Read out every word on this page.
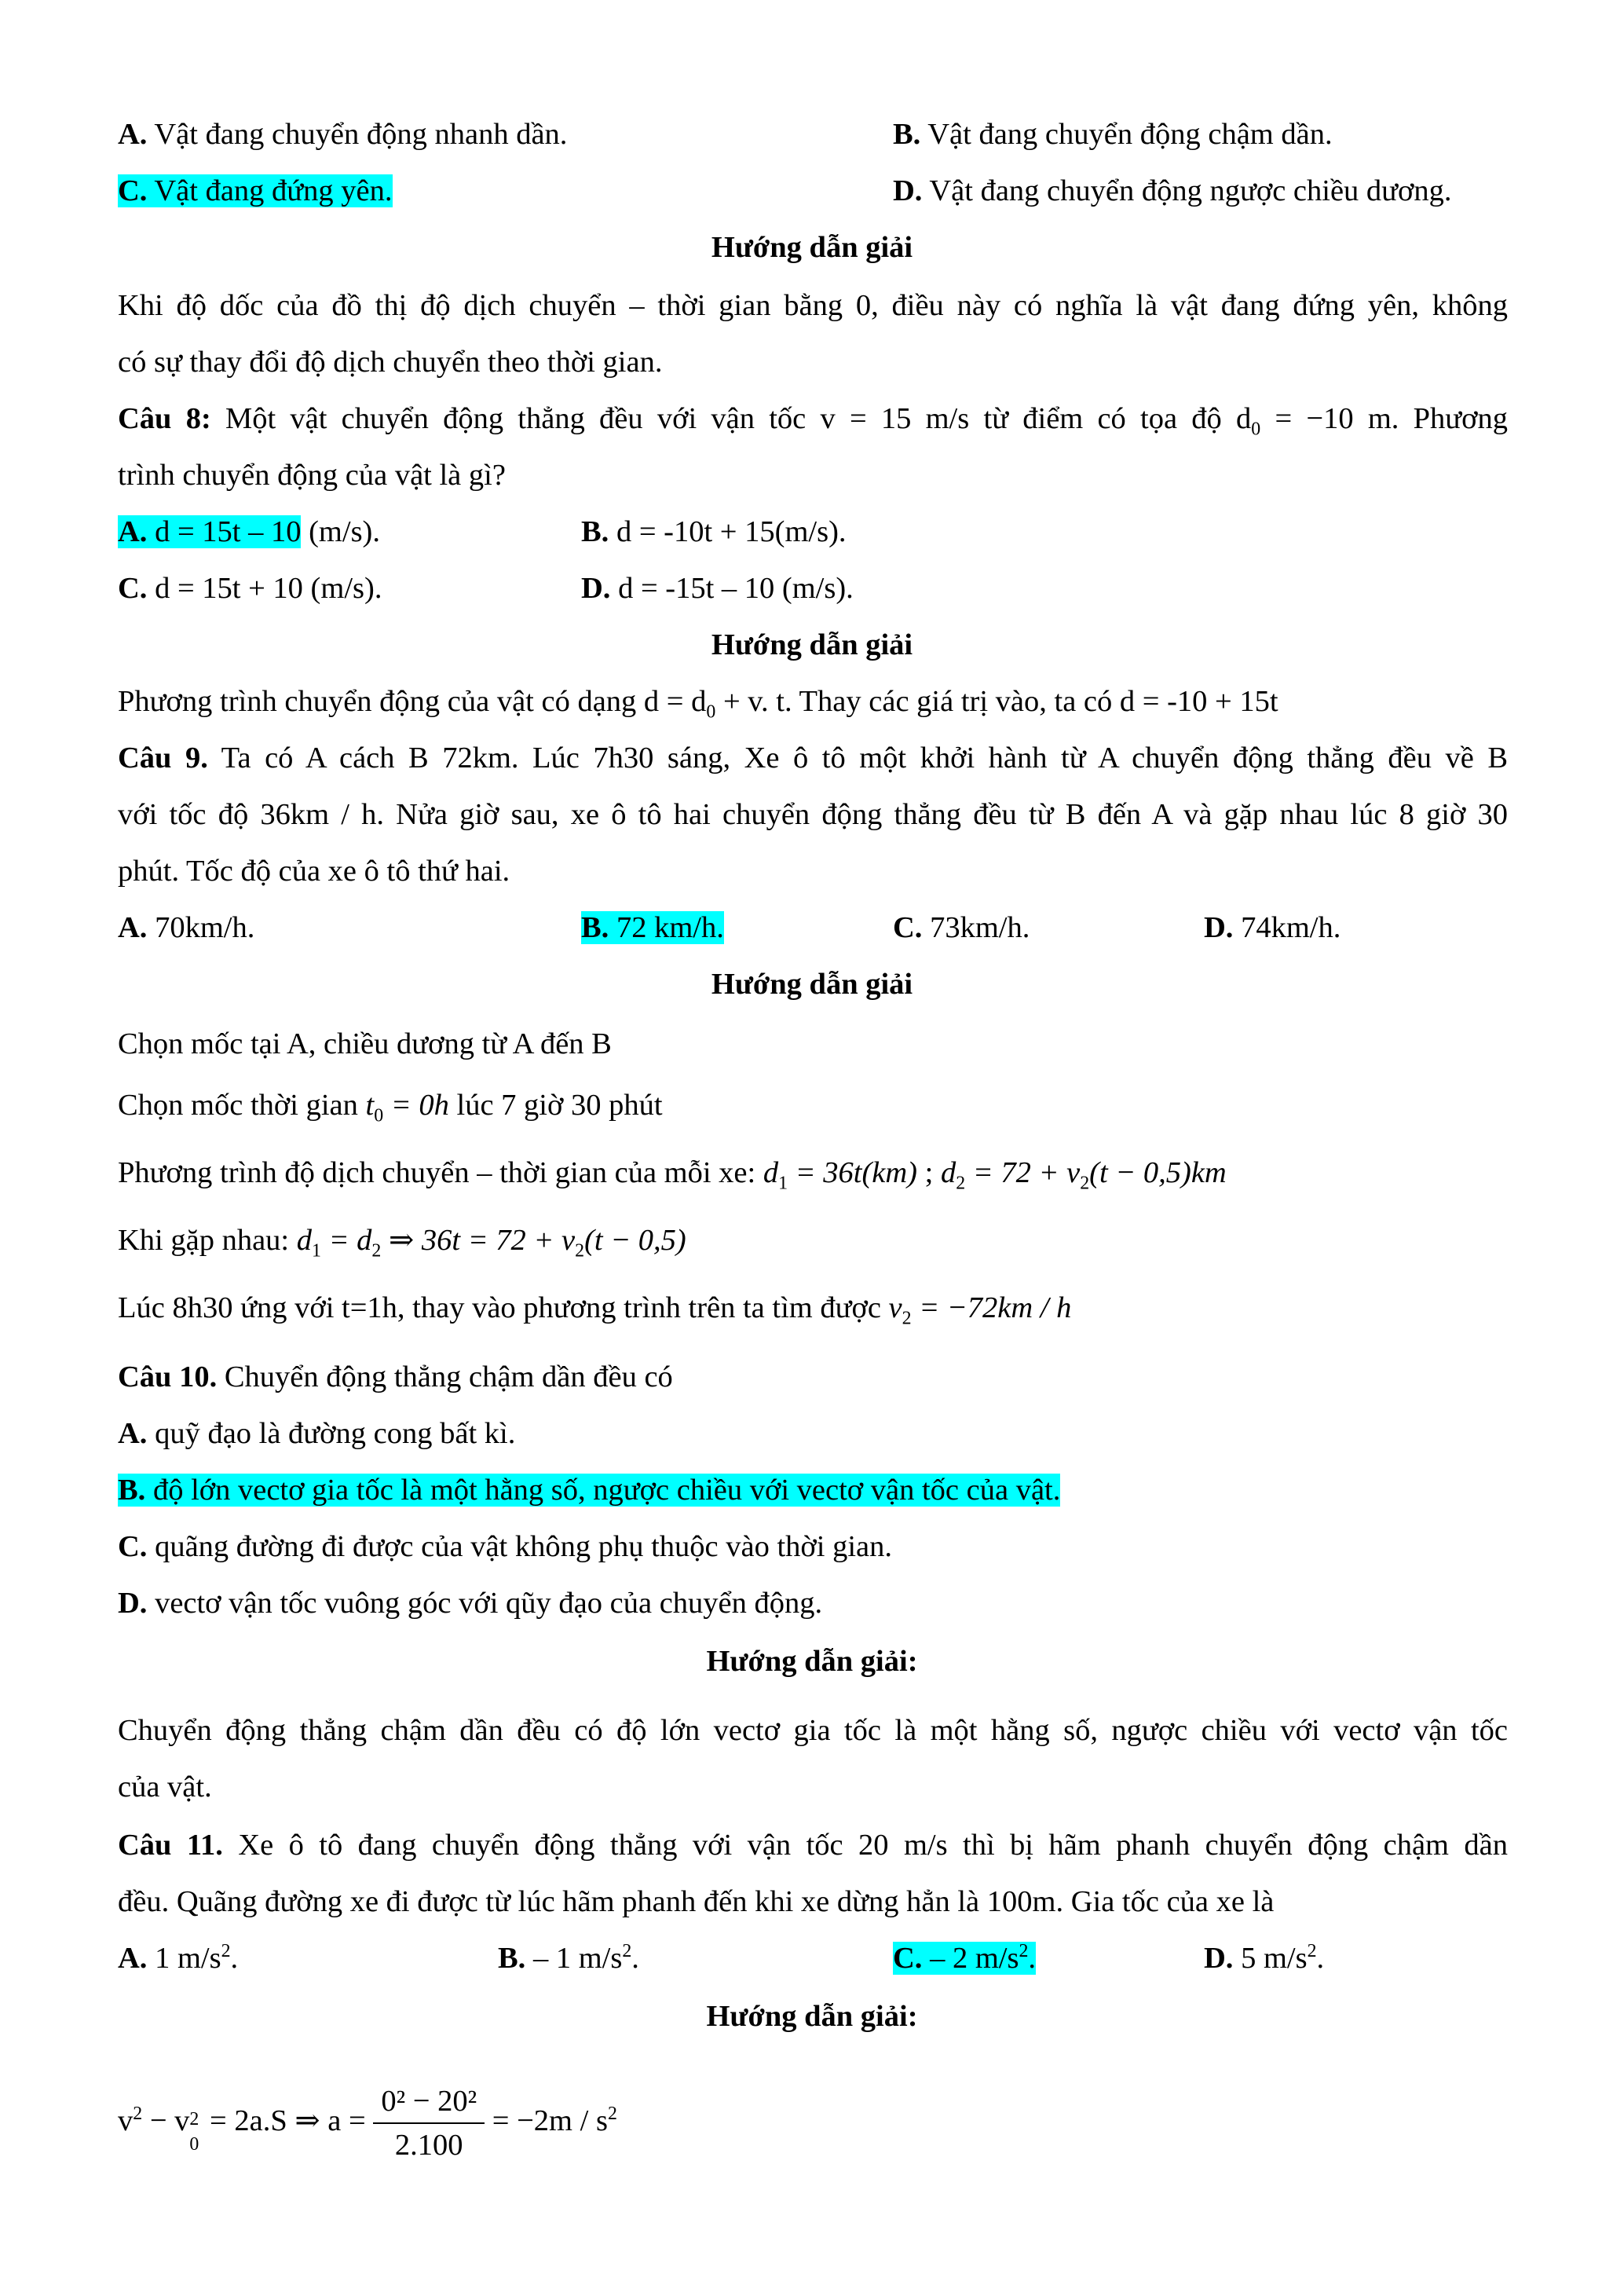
A. Vật đang chuyển động nhanh dần.	B. Vật đang chuyển động chậm dần.
C. Vật đang đứng yên.	D. Vật đang chuyển động ngược chiều dương.
Hướng dẫn giải
Khi độ dốc của đồ thị độ dịch chuyển – thời gian bằng 0, điều này có nghĩa là vật đang đứng yên, không
có sự thay đổi độ dịch chuyển theo thời gian.
Câu 8: Một vật chuyển động thẳng đều với vận tốc v = 15 m/s từ điểm có tọa độ $d_0 = -10$ m. Phương
trình chuyển động của vật là gì?
A. d = 15t – 10 (m/s).	B. d = -10t + 15(m/s).
C. d = 15t + 10 (m/s).	D. d = -15t – 10 (m/s).
Hướng dẫn giải
Phương trình chuyển động của vật có dạng $d = d_0 + v$. t. Thay các giá trị vào, ta có d = -10 + 15t
Câu 9. Ta có A cách B 72km. Lúc 7h30 sáng, Xe ô tô một khởi hành từ A chuyển động thẳng đều về B
với tốc độ 36km / h. Nửa giờ sau, xe ô tô hai chuyển động thẳng đều từ B đến A và gặp nhau lúc 8 giờ 30
phút. Tốc độ của xe ô tô thứ hai.
A. 70km/h.	B. 72 km/h.	C. 73km/h.	D. 74km/h.
Hướng dẫn giải
Chọn mốc tại A, chiều dương từ A đến B
Chọn mốc thời gian $t_0 = 0h$ lúc 7 giờ 30 phút
Phương trình độ dịch chuyển – thời gian của mỗi xe: $d_1 = 36t(km)$ ; $d_2 = 72 + v_2(t - 0,5)km$
Khi gặp nhau: $d_1 = d_2$ ⇒ $36t = 72 + v_2(t - 0,5)$
Lúc 8h30 ứng với t=1h, thay vào phương trình trên ta tìm được $v_2 = -72km / h$
Câu 10. Chuyển động thẳng chậm dần đều có
A. quỹ đạo là đường cong bất kì.
B. độ lớn vectơ gia tốc là một hằng số, ngược chiều với vectơ vận tốc của vật.
C. quãng đường đi được của vật không phụ thuộc vào thời gian.
D. vectơ vận tốc vuông góc với qũy đạo của chuyển động.
Hướng dẫn giải:
Chuyển động thẳng chậm dần đều có độ lớn vectơ gia tốc là một hằng số, ngược chiều với vectơ vận tốc
của vật.
Câu 11. Xe ô tô đang chuyển động thẳng với vận tốc 20 m/s thì bị hãm phanh chuyển động chậm dần
đều. Quãng đường xe đi được từ lúc hãm phanh đến khi xe dừng hẳn là 100m. Gia tốc của xe là
A. 1 $m/s^2$.	B. – 1 $m/s^2$.	C. – 2 $m/s^2$.	D. 5 $m/s^2$.
Hướng dẫn giải:
$v^2 - v$ 2
0
= 2a.S ⇒ $a = \frac{\text{0² − 20²}}{2.100} = -2m / s^2$
